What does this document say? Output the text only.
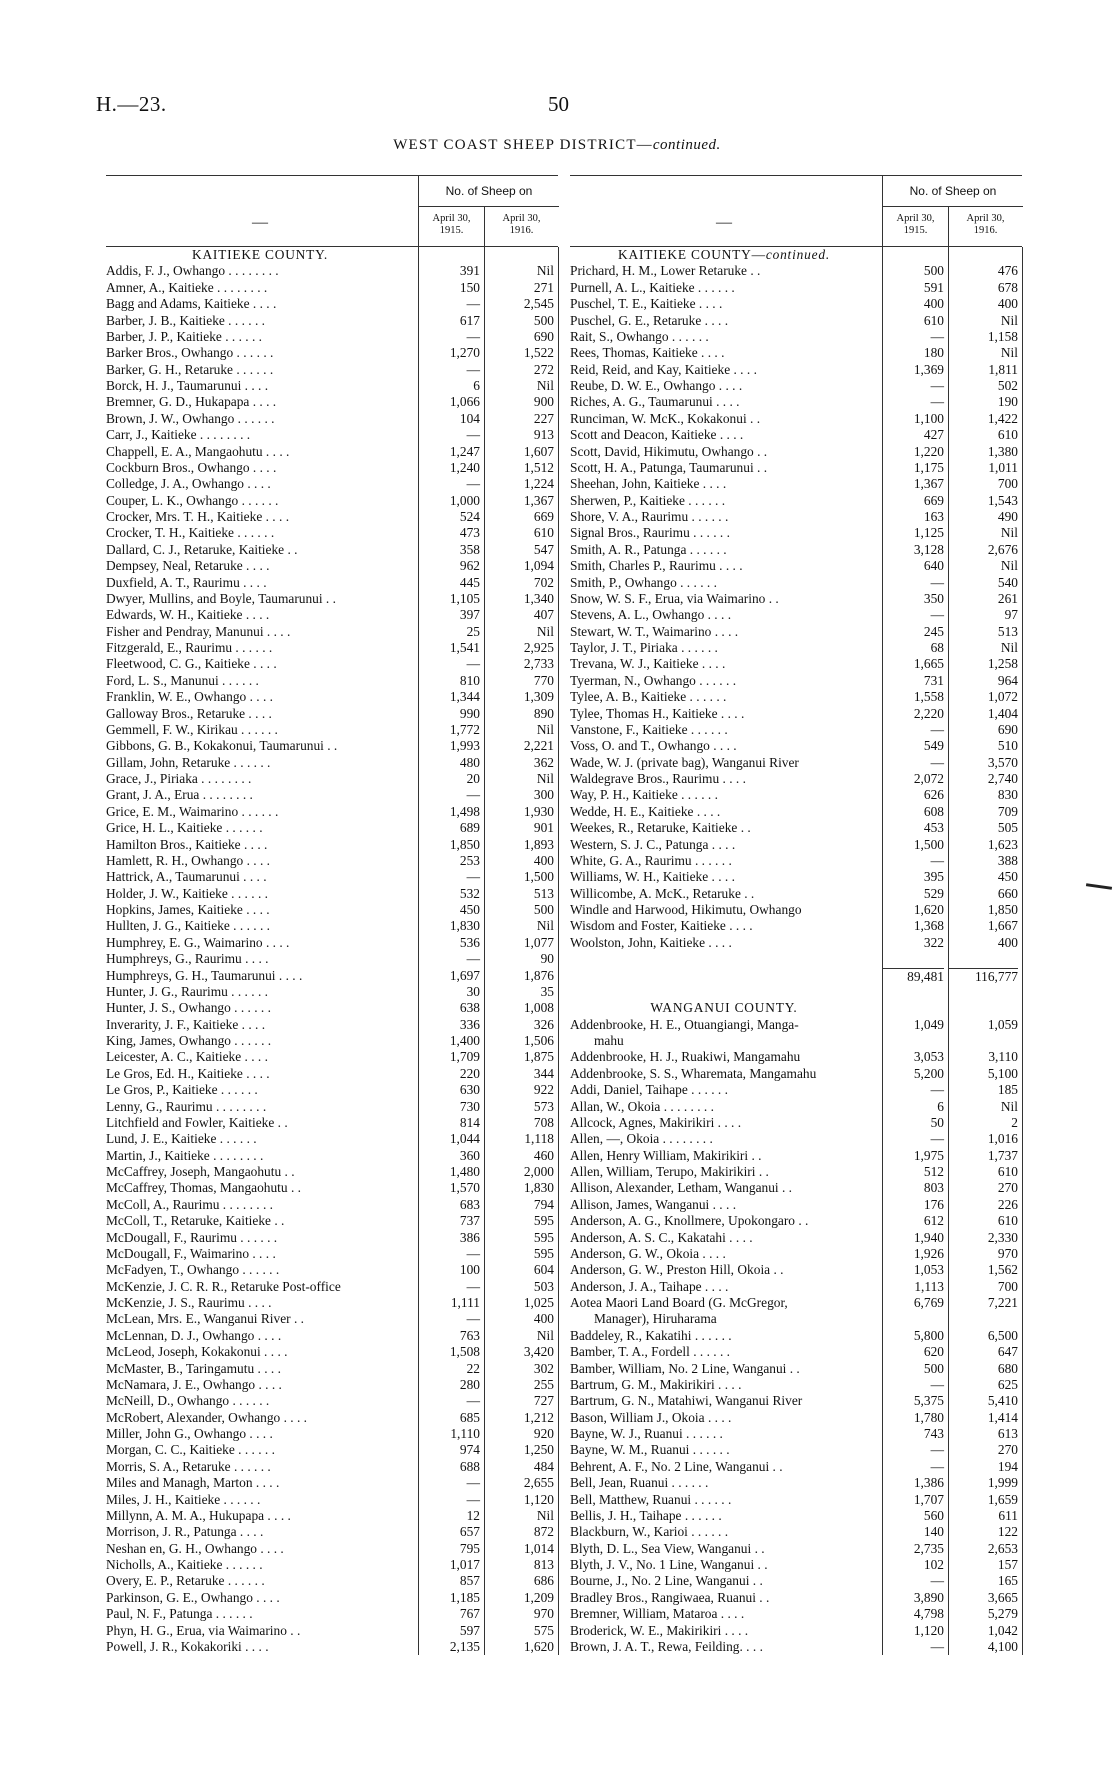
H.—23.	50
WEST COAST SHEEP DISTRICT—continued.
—
No. of Sheep on
April 30,
1915.
April 30,
1916.
KAITIEKE COUNTY.
Addis, F. J., Owhango . . . . . . . .	391	Nil
Amner, A., Kaitieke . . . . . . . .	150	271
Bagg and Adams, Kaitieke . . . .	—	2,545
Barber, J. B., Kaitieke . . . . . .	617	500
Barber, J. P., Kaitieke . . . . . .	—	690
Barker Bros., Owhango . . . . . .	1,270	1,522
Barker, G. H., Retaruke . . . . . .	—	272
Borck, H. J., Taumarunui . . . .	6	Nil
Bremner, G. D., Hukapapa . . . .	1,066	900
Brown, J. W., Owhango . . . . . .	104	227
Carr, J., Kaitieke . . . . . . . .	—	913
Chappell, E. A., Mangaohutu . . . .	1,247	1,607
Cockburn Bros., Owhango . . . .	1,240	1,512
Colledge, J. A., Owhango . . . .	—	1,224
Couper, L. K., Owhango . . . . . .	1,000	1,367
Crocker, Mrs. T. H., Kaitieke . . . .	524	669
Crocker, T. H., Kaitieke . . . . . .	473	610
Dallard, C. J., Retaruke, Kaitieke . .	358	547
Dempsey, Neal, Retaruke . . . .	962	1,094
Duxfield, A. T., Raurimu . . . .	445	702
Dwyer, Mullins, and Boyle, Taumarunui . .	1,105	1,340
Edwards, W. H., Kaitieke . . . .	397	407
Fisher and Pendray, Manunui . . . .	25	Nil
Fitzgerald, E., Raurimu . . . . . .	1,541	2,925
Fleetwood, C. G., Kaitieke . . . .	—	2,733
Ford, L. S., Manunui . . . . . .	810	770
Franklin, W. E., Owhango . . . .	1,344	1,309
Galloway Bros., Retaruke . . . .	990	890
Gemmell, F. W., Kirikau . . . . . .	1,772	Nil
Gibbons, G. B., Kokakonui, Taumarunui . .	1,993	2,221
Gillam, John, Retaruke . . . . . .	480	362
Grace, J., Piriaka . . . . . . . .	20	Nil
Grant, J. A., Erua . . . . . . . .	—	300
Grice, E. M., Waimarino . . . . . .	1,498	1,930
Grice, H. L., Kaitieke . . . . . .	689	901
Hamilton Bros., Kaitieke . . . .	1,850	1,893
Hamlett, R. H., Owhango . . . .	253	400
Hattrick, A., Taumarunui . . . .	—	1,500
Holder, J. W., Kaitieke . . . . . .	532	513
Hopkins, James, Kaitieke . . . .	450	500
Hullten, J. G., Kaitieke . . . . . .	1,830	Nil
Humphrey, E. G., Waimarino . . . .	536	1,077
Humphreys, G., Raurimu . . . .	—	90
Humphreys, G. H., Taumarunui . . . .	1,697	1,876
Hunter, J. G., Raurimu . . . . . .	30	35
Hunter, J. S., Owhango . . . . . .	638	1,008
Inverarity, J. F., Kaitieke . . . .	336	326
King, James, Owhango . . . . . .	1,400	1,506
Leicester, A. C., Kaitieke . . . .	1,709	1,875
Le Gros, Ed. H., Kaitieke . . . .	220	344
Le Gros, P., Kaitieke . . . . . .	630	922
Lenny, G., Raurimu . . . . . . . .	730	573
Litchfield and Fowler, Kaitieke . .	814	708
Lund, J. E., Kaitieke . . . . . .	1,044	1,118
Martin, J., Kaitieke . . . . . . . .	360	460
McCaffrey, Joseph, Mangaohutu . .	1,480	2,000
McCaffrey, Thomas, Mangaohutu . .	1,570	1,830
McColl, A., Raurimu . . . . . . . .	683	794
McColl, T., Retaruke, Kaitieke . .	737	595
McDougall, F., Raurimu . . . . . .	386	595
McDougall, F., Waimarino . . . .	—	595
McFadyen, T., Owhango . . . . . .	100	604
McKenzie, J. C. R. R., Retaruke Post-office	—	503
McKenzie, J. S., Raurimu . . . .	1,111	1,025
McLean, Mrs. E., Wanganui River . .	—	400
McLennan, D. J., Owhango . . . .	763	Nil
McLeod, Joseph, Kokakonui . . . .	1,508	3,420
McMaster, B., Taringamutu . . . .	22	302
McNamara, J. E., Owhango . . . .	280	255
McNeill, D., Owhango . . . . . .	—	727
McRobert, Alexander, Owhango . . . .	685	1,212
Miller, John G., Owhango . . . .	1,110	920
Morgan, C. C., Kaitieke . . . . . .	974	1,250
Morris, S. A., Retaruke . . . . . .	688	484
Miles and Managh, Marton . . . .	—	2,655
Miles, J. H., Kaitieke . . . . . .	—	1,120
Millynn, A. M. A., Hukupapa . . . .	12	Nil
Morrison, J. R., Patunga . . . .	657	872
Neshan en, G. H., Owhango . . . .	795	1,014
Nicholls, A., Kaitieke . . . . . .	1,017	813
Overy, E. P., Retaruke . . . . . .	857	686
Parkinson, G. E., Owhango . . . .	1,185	1,209
Paul, N. F., Patunga . . . . . .	767	970
Phyn, H. G., Erua, via Waimarino . .	597	575
Powell, J. R., Kokakoriki . . . .	2,135	1,620
—
No. of Sheep on
April 30,
1915.
April 30,
1916.
KAITIEKE COUNTY—continued.
Prichard, H. M., Lower Retaruke . .	500	476
Purnell, A. L., Kaitieke . . . . . .	591	678
Puschel, T. E., Kaitieke . . . .	400	400
Puschel, G. E., Retaruke . . . .	610	Nil
Rait, S., Owhango . . . . . .	—	1,158
Rees, Thomas, Kaitieke . . . .	180	Nil
Reid, Reid, and Kay, Kaitieke . . . .	1,369	1,811
Reube, D. W. E., Owhango . . . .	—	502
Riches, A. G., Taumarunui . . . .	—	190
Runciman, W. McK., Kokakonui . .	1,100	1,422
Scott and Deacon, Kaitieke . . . .	427	610
Scott, David, Hikimutu, Owhango . .	1,220	1,380
Scott, H. A., Patunga, Taumarunui . .	1,175	1,011
Sheehan, John, Kaitieke . . . .	1,367	700
Sherwen, P., Kaitieke . . . . . .	669	1,543
Shore, V. A., Raurimu . . . . . .	163	490
Signal Bros., Raurimu . . . . . .	1,125	Nil
Smith, A. R., Patunga . . . . . .	3,128	2,676
Smith, Charles P., Raurimu . . . .	640	Nil
Smith, P., Owhango . . . . . .	—	540
Snow, W. S. F., Erua, via Waimarino . .	350	261
Stevens, A. L., Owhango . . . .	—	97
Stewart, W. T., Waimarino . . . .	245	513
Taylor, J. T., Piriaka . . . . . .	68	Nil
Trevana, W. J., Kaitieke . . . .	1,665	1,258
Tyerman, N., Owhango . . . . . .	731	964
Tylee, A. B., Kaitieke . . . . . .	1,558	1,072
Tylee, Thomas H., Kaitieke . . . .	2,220	1,404
Vanstone, F., Kaitieke . . . . . .	—	690
Voss, O. and T., Owhango . . . .	549	510
Wade, W. J. (private bag), Wanganui River	—	3,570
Waldegrave Bros., Raurimu . . . .	2,072	2,740
Way, P. H., Kaitieke . . . . . .	626	830
Wedde, H. E., Kaitieke . . . .	608	709
Weekes, R., Retaruke, Kaitieke . .	453	505
Western, S. J. C., Patunga . . . .	1,500	1,623
White, G. A., Raurimu . . . . . .	—	388
Williams, W. H., Kaitieke . . . .	395	450
Willicombe, A. McK., Retaruke . .	529	660
Windle and Harwood, Hikimutu, Owhango	1,620	1,850
Wisdom and Foster, Kaitieke . . . .	1,368	1,667
Woolston, John, Kaitieke . . . .	322	400
89,481	116,777
WANGANUI COUNTY.
Addenbrooke, H. E., Otuangiangi, Manga-	1,049	1,059
mahu
Addenbrooke, H. J., Ruakiwi, Mangamahu	3,053	3,110
Addenbrooke, S. S., Wharemata, Mangamahu	5,200	5,100
Addi, Daniel, Taihape . . . . . .	—	185
Allan, W., Okoia . . . . . . . .	6	Nil
Allcock, Agnes, Makirikiri . . . .	50	2
Allen, —, Okoia . . . . . . . .	—	1,016
Allen, Henry William, Makirikiri . .	1,975	1,737
Allen, William, Terupo, Makirikiri . .	512	610
Allison, Alexander, Letham, Wanganui . .	803	270
Allison, James, Wanganui . . . .	176	226
Anderson, A. G., Knollmere, Upokongaro . .	612	610
Anderson, A. S. C., Kakatahi . . . .	1,940	2,330
Anderson, G. W., Okoia . . . .	1,926	970
Anderson, G. W., Preston Hill, Okoia . .	1,053	1,562
Anderson, J. A., Taihape . . . .	1,113	700
Aotea Maori Land Board (G. McGregor,	6,769	7,221
Manager), Hiruharama
Baddeley, R., Kakatihi . . . . . .	5,800	6,500
Bamber, T. A., Fordell . . . . . .	620	647
Bamber, William, No. 2 Line, Wanganui . .	500	680
Bartrum, G. M., Makirikiri . . . .	—	625
Bartrum, G. N., Matahiwi, Wanganui River	5,375	5,410
Bason, William J., Okoia . . . .	1,780	1,414
Bayne, W. J., Ruanui . . . . . .	743	613
Bayne, W. M., Ruanui . . . . . .	—	270
Behrent, A. F., No. 2 Line, Wanganui . .	—	194
Bell, Jean, Ruanui . . . . . .	1,386	1,999
Bell, Matthew, Ruanui . . . . . .	1,707	1,659
Bellis, J. H., Taihape . . . . . .	560	611
Blackburn, W., Karioi . . . . . .	140	122
Blyth, D. L., Sea View, Wanganui . .	2,735	2,653
Blyth, J. V., No. 1 Line, Wanganui . .	102	157
Bourne, J., No. 2 Line, Wanganui . .	—	165
Bradley Bros., Rangiwaea, Ruanui . .	3,890	3,665
Bremner, William, Mataroa . . . .	4,798	5,279
Broderick, W. E., Makirikiri . . . .	1,120	1,042
Brown, J. A. T., Rewa, Feilding. . . .	—	4,100
